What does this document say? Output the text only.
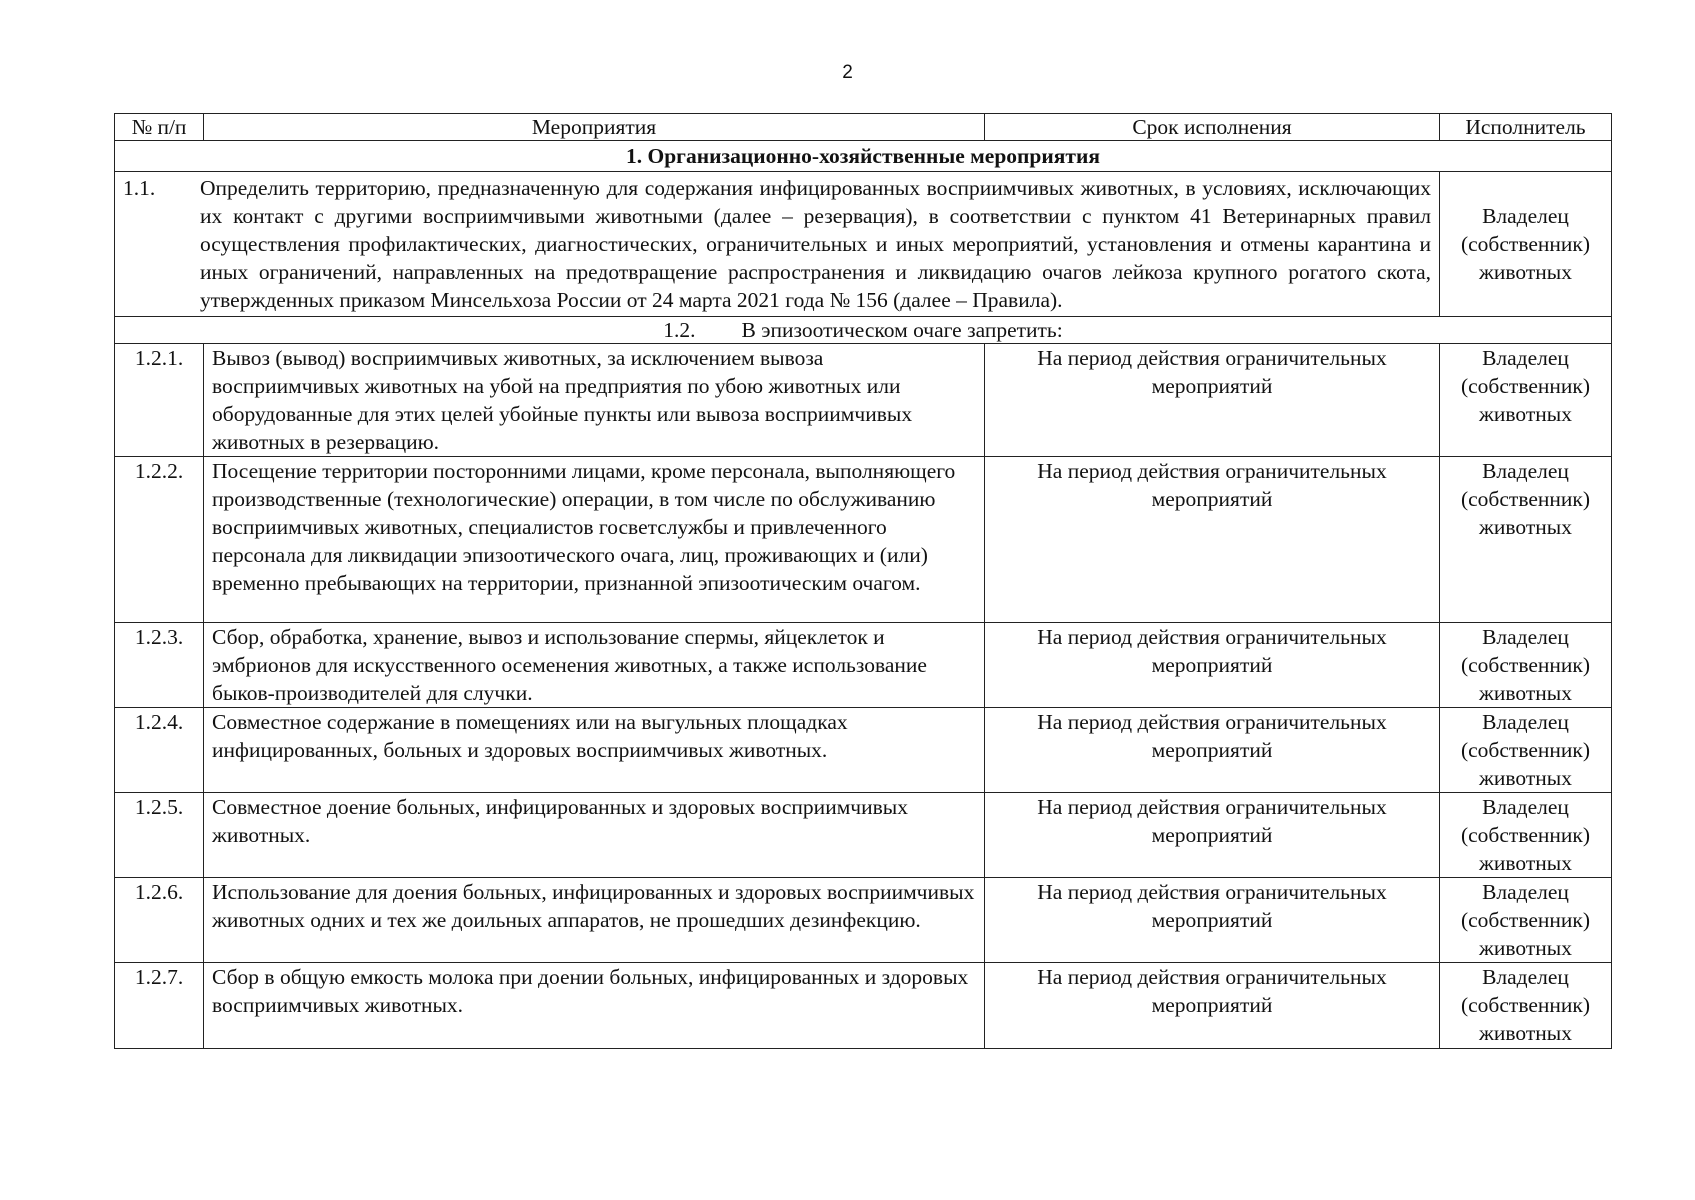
2
№ п/п	Мероприятия	Срок исполнения	Исполнитель
1. Организационно-хозяйственные мероприятия			

1.1. Определить территорию, предназначенную для содержания инфицированных восприимчивых животных, в условиях, исключающих их контакт с другими восприимчивыми животными (далее – резервация), в соответствии с пунктом 41 Ветеринарных правил осуществления профилактических, диагностических, ограничительных и иных мероприятий, установления и отмены карантина и иных ограничений, направленных на предотвращение распространения и ликвидацию очагов лейкоза крупного рогатого скота, утвержденных приказом Минсельхоза России от 24 марта 2021 года № 156 (далее – Правила).			Владелец (собственник) животных
1.2. В эпизоотическом очаге запретить:			
1.2.1.	Вывоз (вывод) восприимчивых животных, за исключением вывоза восприимчивых животных на убой на предприятия по убою животных или оборудованные для этих целей убойные пункты или вывоза восприимчивых животных в резервацию.	На период действия ограничительных мероприятий	Владелец (собственник) животных
1.2.2.	Посещение территории посторонними лицами, кроме персонала, выполняющего производственные (технологические) операции, в том числе по обслуживанию восприимчивых животных, специалистов госветслужбы и привлеченного персонала для ликвидации эпизоотического очага, лиц, проживающих и (или) временно пребывающих на территории, признанной эпизоотическим очагом.	На период действия ограничительных мероприятий	Владелец (собственник) животных
1.2.3.	Сбор, обработка, хранение, вывоз и использование спермы, яйцеклеток и эмбрионов для искусственного осеменения животных, а также использование быков-производителей для случки.	На период действия ограничительных мероприятий	Владелец (собственник) животных
1.2.4.	Совместное содержание в помещениях или на выгульных площадках инфицированных, больных и здоровых восприимчивых животных.	На период действия ограничительных мероприятий	Владелец (собственник) животных
1.2.5.	Совместное доение больных, инфицированных и здоровых восприимчивых животных.	На период действия ограничительных мероприятий	Владелец (собственник) животных
1.2.6.	Использование для доения больных, инфицированных и здоровых восприимчивых животных одних и тех же доильных аппаратов, не прошедших дезинфекцию.	На период действия ограничительных мероприятий	Владелец (собственник) животных
1.2.7.	Сбор в общую емкость молока при доении больных, инфицированных и здоровых восприимчивых животных.	На период действия ограничительных мероприятий	Владелец (собственник) животных
